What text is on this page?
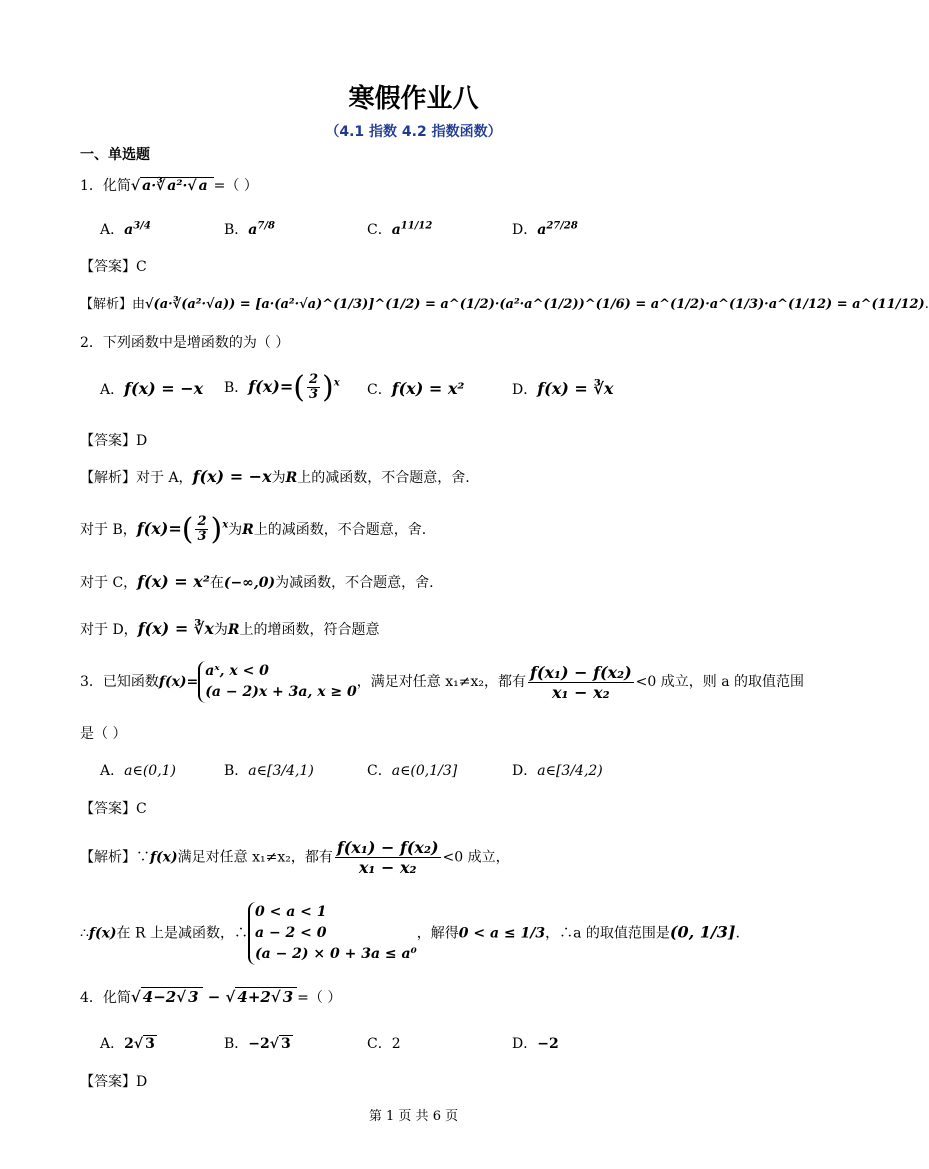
寒假作业八
（4.1 指数 4.2 指数函数）
一、单选题
1．化简√ a·∛ a²·√ a =（ ）
A．$a^{3/4}$	B．$a^{7/8}$	C．$a^{11/12}$	D．$a^{27/28}$
【答案】C
【解析】由√(a·∛(a²·√a)) = [a·(a²·√a)^(1/3)]^(1/2) = a^(1/2)·(a²·a^(1/2))^(1/6) = a^(1/2)·a^(1/3)·a^(1/12) = a^(11/12).
2．下列函数中是增函数的为（ ）
A．f(x) = −x B．$f(x)=( \frac{2}{3} )^x$ C．f(x) = x²	D．f(x) = ∛x
【答案】D
【解析】对于 A，f(x) = −x为R上的减函数，不合题意，舍.
对于 B，$f(x)=( \frac{2}{3} )^x$为R上的减函数，不合题意，舍.
对于 C，f(x) = x²在(−∞,0)为减函数，不合题意，舍.
对于 D，f(x) = ∛x为R上的增函数，符合题意
3．已知函数f(x)=
aˣ, x < 0
(a − 2)x + 3a, x ≥ 0
，满足对任意 x₁≠x₂，都有 $\frac{\text{f(x₁) − f(x₂)}}{\text{x₁ − x₂}} <0$ 成立，则 a 的取值范围
是（ ）
A．a∈(0,1)	B．a∈[3/4,1)	C．a∈(0,1/3]	D．a∈[3/4,2)
【答案】C
【解析】∵f(x)满足对任意 x₁≠x₂，都有 $\frac{\text{f(x₁) − f(x₂)}}{\text{x₁ − x₂}} <0$ 成立，
∴f(x)在 R 上是减函数，∴
0 < a < 1
a − 2 < 0
(a − 2) × 0 + 3a ≤ a⁰
，解得0 < a ≤ 1/3，∴a 的取值范围是(0, 1/3].
4．化简√ 4−2√ 3 − √ 4+2√ 3 =（ ）
A．2√ 3	B．−2√ 3	C．2	D．−2
【答案】D
第 1 页 共 6 页
